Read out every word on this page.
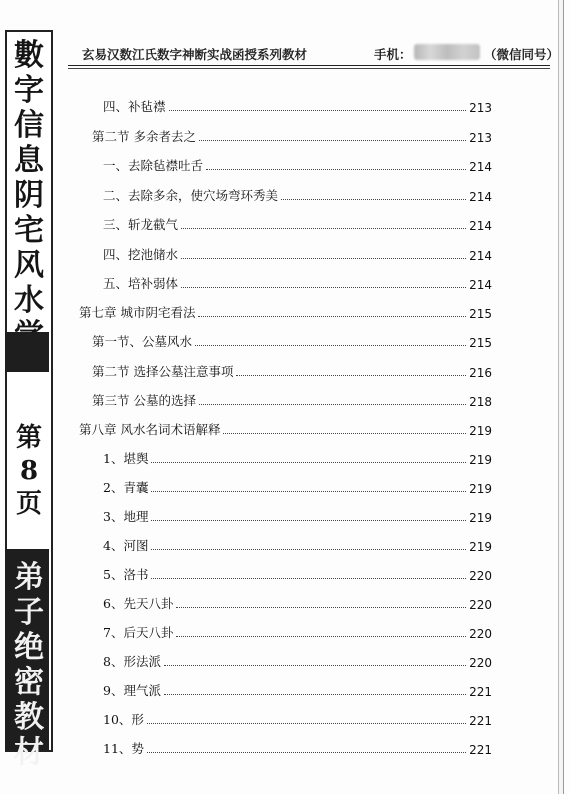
數
字
信
息
阴
宅
风
水
第
8
页
弟
子
绝
密
教
材
玄易汉数江氏数字神断实战函授系列教材	手机：	（微信同号）
四、补毡襟	213
第二节 多余者去之	213
一、去除毡襟吐舌	214
二、去除多余，使穴场弯环秀美	214
三、斩龙截气	214
四、挖池储水	214
五、培补弱体	214
第七章 城市阴宅看法	215
第一节、公墓风水	215
第二节 选择公墓注意事项	216
第三节 公墓的选择	218
第八章 风水名词术语解释	219
1、堪舆	219
2、青囊	219
3、地理	219
4、河图	219
5、洛书	220
6、先天八卦	220
7、后天八卦	220
8、形法派	220
9、理气派	221
10、形	221
11、势	221
